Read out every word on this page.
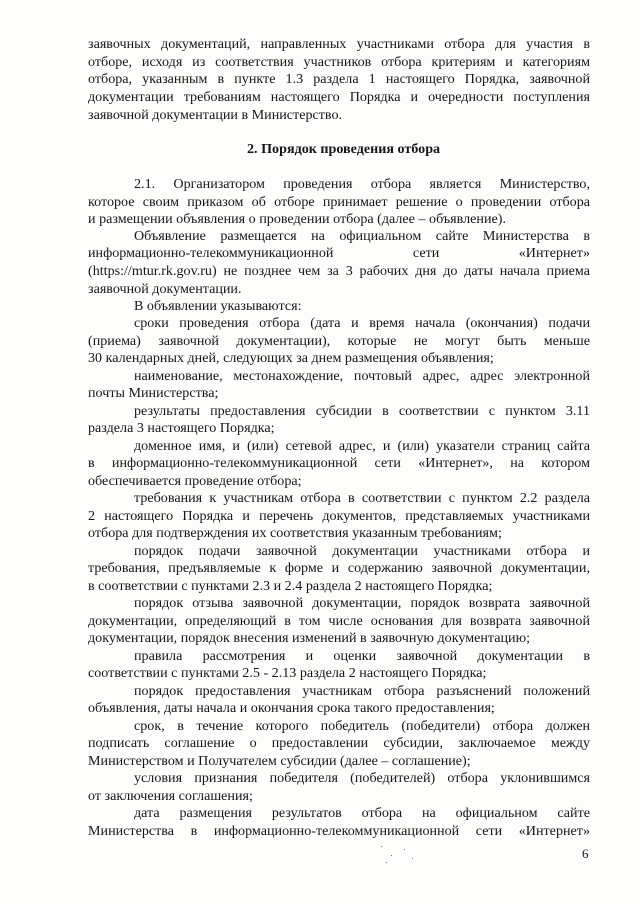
заявочных документаций, направленных участниками отбора для участия в
отборе, исходя из соответствия участников отбора критериям и категориям
отбора, указанным в пункте 1.3 раздела 1 настоящего Порядка, заявочной
документации требованиям настоящего Порядка и очередности поступления
заявочной документации в Министерство.
2. Порядок проведения отбора
2.1. Организатором проведения отбора является Министерство,
которое своим приказом об отборе принимает решение о проведении отбора
и размещении объявления о проведении отбора (далее – объявление).
Объявление размещается на официальном сайте Министерства в
информационно-телекоммуникационной сети «Интернет»
(https://mtur.rk.gov.ru) не позднее чем за 3 рабочих дня до даты начала приема
заявочной документации.
В объявлении указываются:
сроки проведения отбора (дата и время начала (окончания) подачи
(приема) заявочной документации), которые не могут быть меньше
30 календарных дней, следующих за днем размещения объявления;
наименование, местонахождение, почтовый адрес, адрес электронной
почты Министерства;
результаты предоставления субсидии в соответствии с пунктом 3.11
раздела 3 настоящего Порядка;
доменное имя, и (или) сетевой адрес, и (или) указатели страниц сайта
в информационно-телекоммуникационной сети «Интернет», на котором
обеспечивается проведение отбора;
требования к участникам отбора в соответствии с пунктом 2.2 раздела
2 настоящего Порядка и перечень документов, представляемых участниками
отбора для подтверждения их соответствия указанным требованиям;
порядок подачи заявочной документации участниками отбора и
требования, предъявляемые к форме и содержанию заявочной документации,
в соответствии с пунктами 2.3 и 2.4 раздела 2 настоящего Порядка;
порядок отзыва заявочной документации, порядок возврата заявочной
документации, определяющий в том числе основания для возврата заявочной
документации, порядок внесения изменений в заявочную документацию;
правила рассмотрения и оценки заявочной документации в
соответствии с пунктами 2.5 - 2.13 раздела 2 настоящего Порядка;
порядок предоставления участникам отбора разъяснений положений
объявления, даты начала и окончания срока такого предоставления;
срок, в течение которого победитель (победители) отбора должен
подписать соглашение о предоставлении субсидии, заключаемое между
Министерством и Получателем субсидии (далее – соглашение);
условия признания победителя (победителей) отбора уклонившимся
от заключения соглашения;
дата размещения результатов отбора на официальном сайте
Министерства в информационно-телекоммуникационной сети «Интернет»
6
